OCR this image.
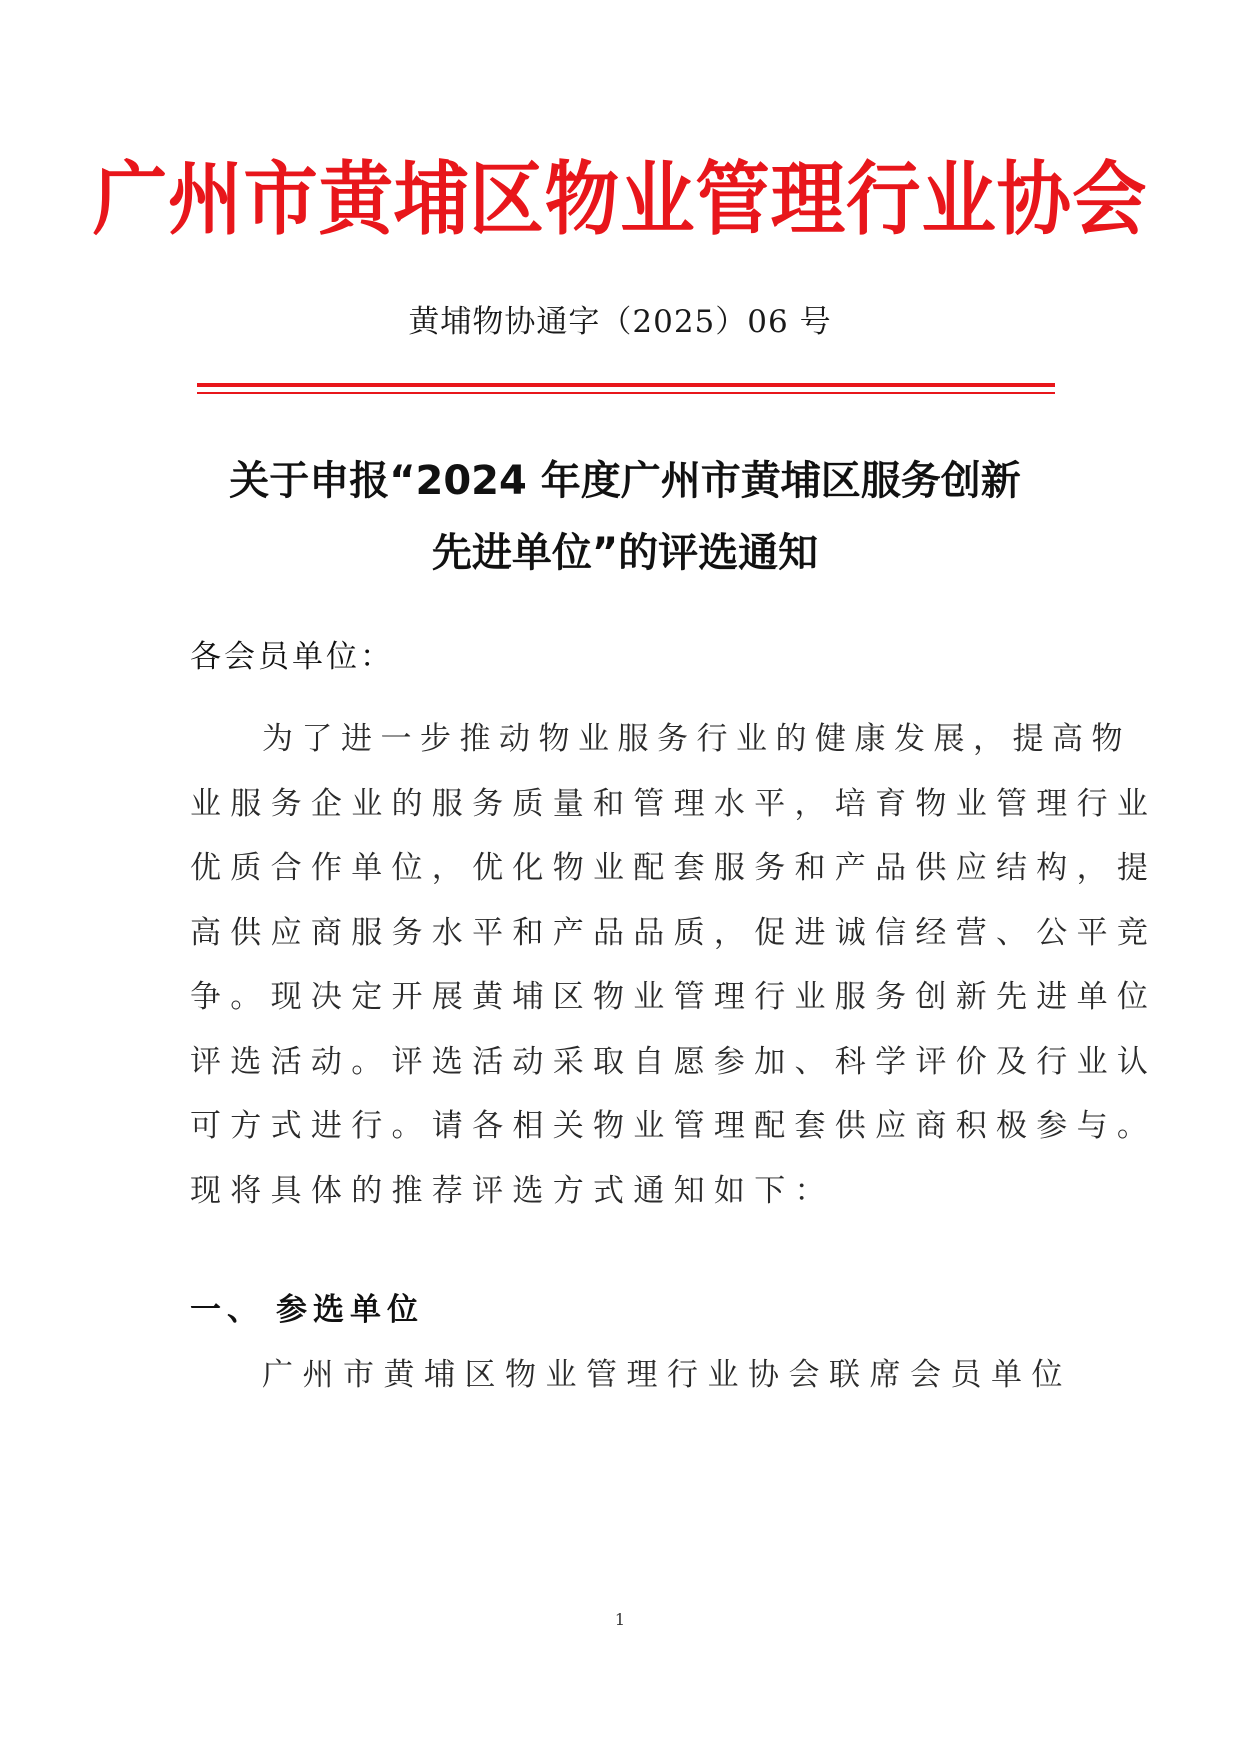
广州市黄埔区物业管理行业协会
黄埔物协通字（2025）06 号
关于申报“2024 年度广州市黄埔区服务创新
先进单位”的评选通知
各会员单位：
为了进一步推动物业服务行业的健康发展，提高物
业服务企业的服务质量和管理水平，培育物业管理行业
优质合作单位，优化物业配套服务和产品供应结构，提
高供应商服务水平和产品品质，促进诚信经营、公平竞
争。现决定开展黄埔区物业管理行业服务创新先进单位
评选活动。评选活动采取自愿参加、科学评价及行业认
可方式进行。请各相关物业管理配套供应商积极参与。
现将具体的推荐评选方式通知如下：
一、 参选单位
广州市黄埔区物业管理行业协会联席会员单位
1
